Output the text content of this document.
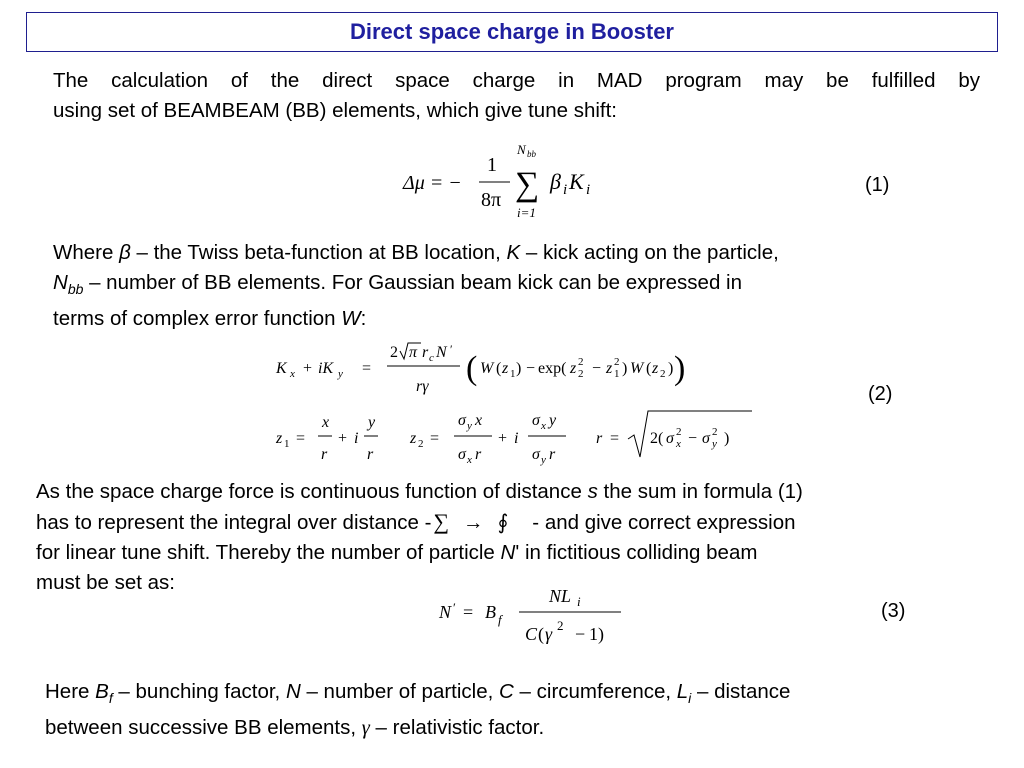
Direct space charge in Booster
The calculation of the direct space charge in MAD program may be fulfilled by
using set of BEAMBEAM (BB) elements, which give tune shift:
Δμ = −
1
8π
N bb
∑
i=1
β i K i	(1)
Where β – the Twiss beta-function at BB location, K – kick acting on the particle,
$N_{bb}$ – number of BB elements. For Gaussian beam kick can be expressed in
terms of complex error function W:
K x + iK y =
2 π r c N ′
rγ ( W ( z 1 ) − exp( z 2
2 − z 1
2 ) W ( z 2 ) )
z 1 =
x
r
+ i
y
r
z 2 =
σ y x
σ x r
+ i
σ x y
σ y r
r = 2( σ x
2 − σ y
2 )
(2)
As the space charge force is continuous function of distance s the sum in formula (1)
has to represent the integral over distance -∑ → ∮ - and give correct expression
for linear tune shift. Thereby the number of particle N' in fictitious colliding beam
must be set as:
N ′ = B f
NL i
C ( γ 2 − 1)
(3)
Here $B_f$ – bunching factor, N – number of particle, C – circumference, $L_i$ – distance
between successive BB elements, γ – relativistic factor.
